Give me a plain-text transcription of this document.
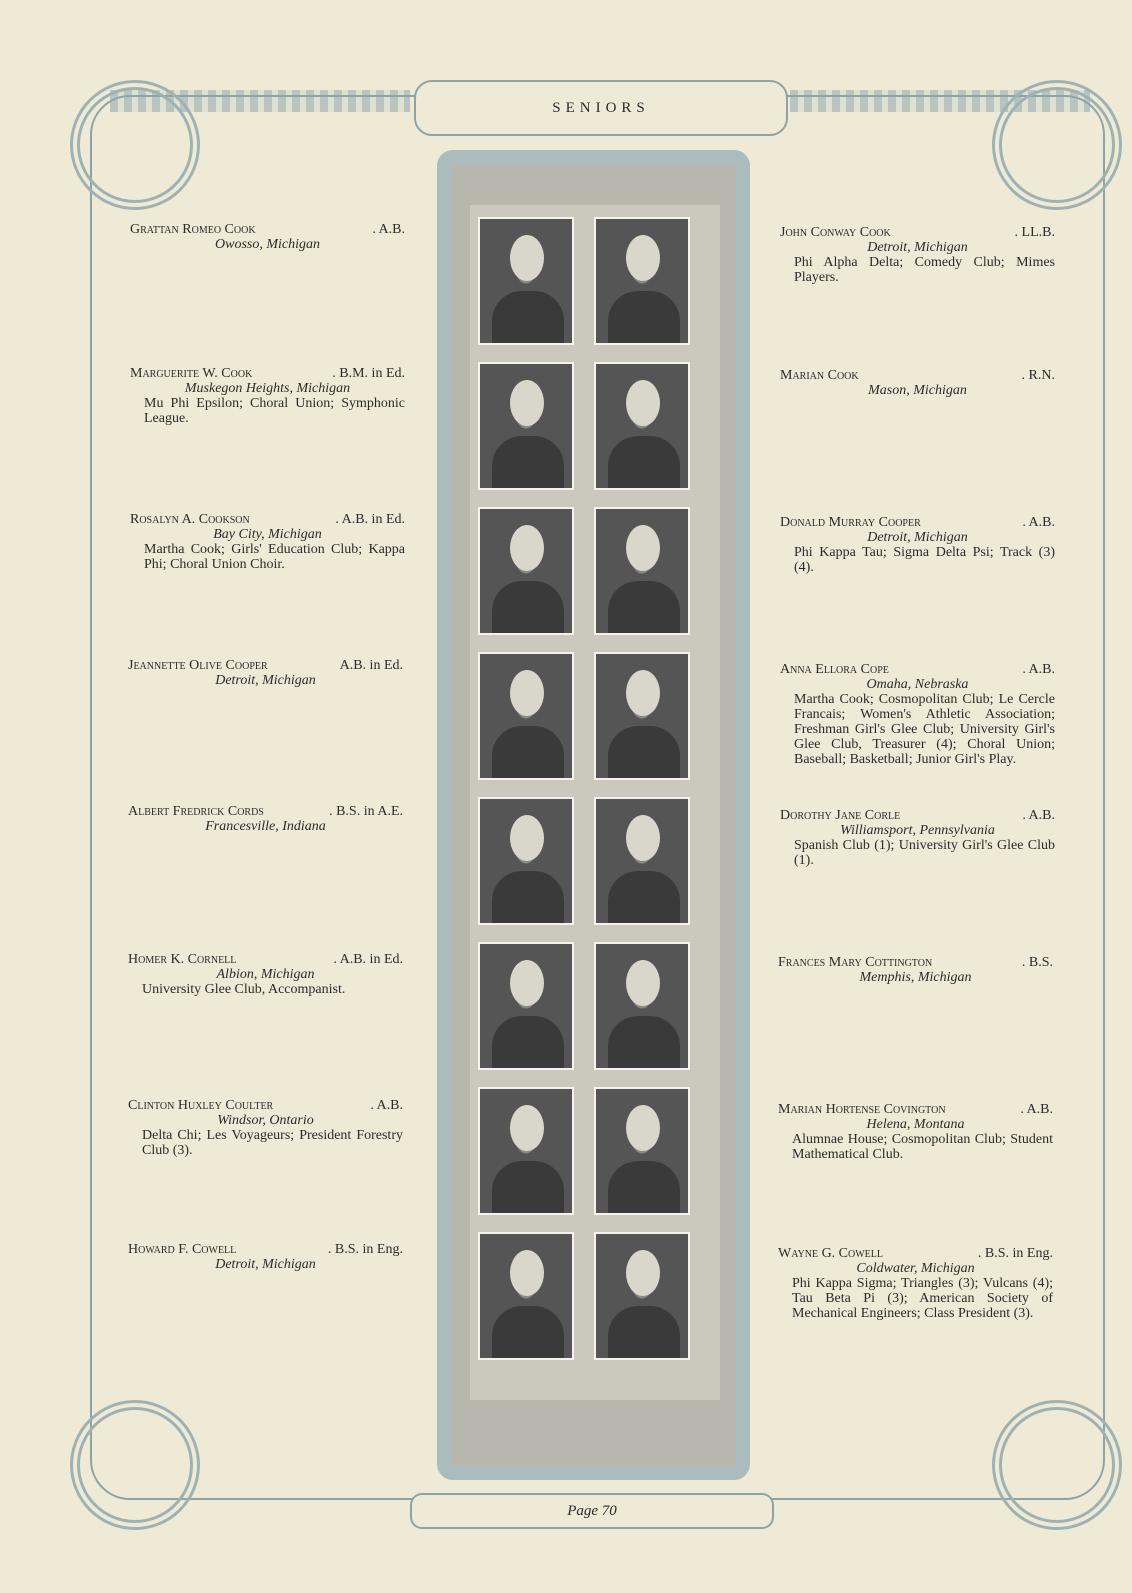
SENIORS
Page 70
Grattan Romeo Cook	. A.B.
Owosso, Michigan
Marguerite W. Cook	. B.M. in Ed.
Muskegon Heights, Michigan
Mu Phi Epsilon; Choral Union; Symphonic League.
Rosalyn A. Cookson	. A.B. in Ed.
Bay City, Michigan
Martha Cook; Girls' Education Club; Kappa Phi; Choral Union Choir.
Jeannette Olive Cooper	A.B. in Ed.
Detroit, Michigan
Albert Fredrick Cords	. B.S. in A.E.
Francesville, Indiana
Homer K. Cornell	. A.B. in Ed.
Albion, Michigan
University Glee Club, Accompanist.
Clinton Huxley Coulter	. A.B.
Windsor, Ontario
Delta Chi; Les Voyageurs; President Forestry Club (3).
Howard F. Cowell	. B.S. in Eng.
Detroit, Michigan
John Conway Cook	. LL.B.
Detroit, Michigan
Phi Alpha Delta; Comedy Club; Mimes Players.
Marian Cook	. R.N.
Mason, Michigan
Donald Murray Cooper	. A.B.
Detroit, Michigan
Phi Kappa Tau; Sigma Delta Psi; Track (3) (4).
Anna Ellora Cope	. A.B.
Omaha, Nebraska
Martha Cook; Cosmopolitan Club; Le Cercle Francais; Women's Athletic Association; Freshman Girl's Glee Club; University Girl's Glee Club, Treasurer (4); Choral Union; Baseball; Basketball; Junior Girl's Play.
Dorothy Jane Corle	. A.B.
Williamsport, Pennsylvania
Spanish Club (1); University Girl's Glee Club (1).
Frances Mary Cottington	. B.S.
Memphis, Michigan
Marian Hortense Covington	. A.B.
Helena, Montana
Alumnae House; Cosmopolitan Club; Student Mathematical Club.
Wayne G. Cowell	. B.S. in Eng.
Coldwater, Michigan
Phi Kappa Sigma; Triangles (3); Vulcans (4); Tau Beta Pi (3); American Society of Mechanical Engineers; Class President (3).
